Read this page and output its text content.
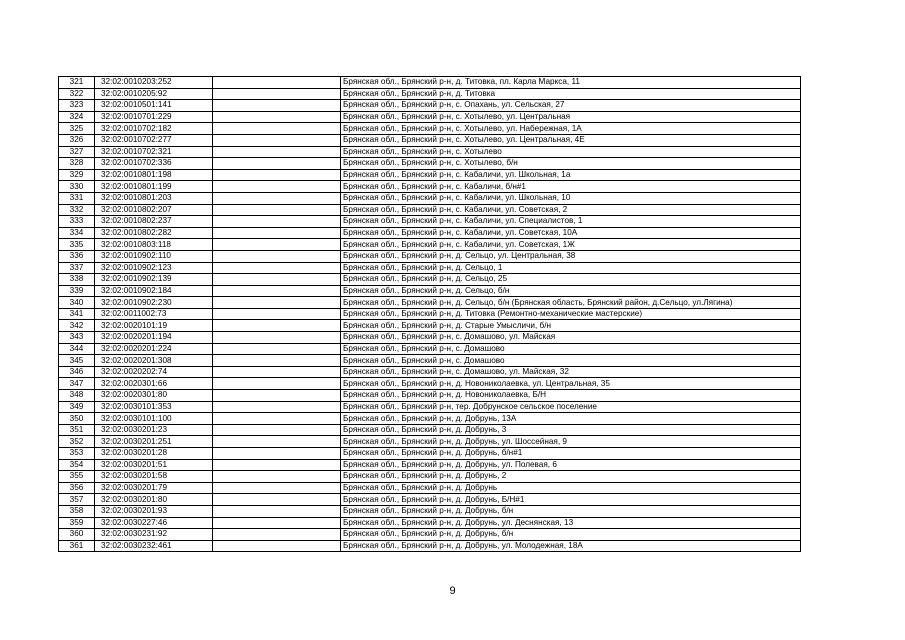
321	32:02:0010203:252		Брянская обл., Брянский р-н, д. Титовка, пл. Карла Маркса, 11
322	32:02:0010205:92		Брянская обл., Брянский р-н, д. Титовка
323	32:02:0010501:141		Брянская обл., Брянский р-н, с. Опахань, ул. Сельская, 27
324	32:02:0010701:229		Брянская обл., Брянский р-н, с. Хотылево, ул. Центральная
325	32:02:0010702:182		Брянская обл., Брянский р-н, с. Хотылево, ул. Набережная, 1А
326	32:02:0010702:277		Брянская обл., Брянский р-н, с. Хотылево, ул. Центральная, 4Е
327	32:02:0010702:321		Брянская обл., Брянский р-н, с. Хотылево
328	32:02:0010702:336		Брянская обл., Брянский р-н, с. Хотылево, б/н
329	32:02:0010801:198		Брянская обл., Брянский р-н, с. Кабаличи, ул. Школьная, 1а
330	32:02:0010801:199		Брянская обл., Брянский р-н, с. Кабаличи, б/н#1
331	32:02:0010801:203		Брянская обл., Брянский р-н, с. Кабаличи, ул. Школьная, 10
332	32:02:0010802:207		Брянская обл., Брянский р-н, с. Кабаличи, ул. Советская, 2
333	32:02:0010802:237		Брянская обл., Брянский р-н, с. Кабаличи, ул. Специалистов, 1
334	32:02:0010802:282		Брянская обл., Брянский р-н, с. Кабаличи, ул. Советская, 10А
335	32:02:0010803:118		Брянская обл., Брянский р-н, с. Кабаличи, ул. Советская, 1Ж
336	32:02:0010902:110		Брянская обл., Брянский р-н, д. Сельцо, ул. Центральная, 38
337	32:02:0010902:123		Брянская обл., Брянский р-н, д. Сельцо, 1
338	32:02:0010902:139		Брянская обл., Брянский р-н, д. Сельцо, 25
339	32:02:0010902:184		Брянская обл., Брянский р-н, д. Сельцо, б/н
340	32:02:0010902:230		Брянская обл., Брянский р-н, д. Сельцо, б/н (Брянская область, Брянский район, д.Сельцо, ул.Лягина)
341	32:02:0011002:73		Брянская обл., Брянский р-н, д. Титовка (Ремонтно-механические мастерские)
342	32:02:0020101:19		Брянская обл., Брянский р-н, д. Старые Умысличи, б/н
343	32:02:0020201:194		Брянская обл., Брянский р-н, с. Домашово, ул. Майская
344	32:02:0020201:224		Брянская обл., Брянский р-н, с. Домашово
345	32:02:0020201:308		Брянская обл., Брянский р-н, с. Домашово
346	32:02:0020202:74		Брянская обл., Брянский р-н, с. Домашово, ул. Майская, 32
347	32:02:0020301:66		Брянская обл., Брянский р-н, д. Новониколаевка, ул. Центральная, 35
348	32:02:0020301:80		Брянская обл., Брянский р-н, д. Новониколаевка, Б/Н
349	32:02:0030101:353		Брянская обл., Брянский р-н, тер. Добрунское сельское поселение
350	32:02:0030101:100		Брянская обл., Брянский р-н, д. Добрунь, 13А
351	32:02:0030201:23		Брянская обл., Брянский р-н, д. Добрунь, 3
352	32:02:0030201:251		Брянская обл., Брянский р-н, д. Добрунь, ул. Шоссейная, 9
353	32:02:0030201:28		Брянская обл., Брянский р-н, д. Добрунь, б/н#1
354	32:02:0030201:51		Брянская обл., Брянский р-н, д. Добрунь, ул. Полевая, 6
355	32:02:0030201:58		Брянская обл., Брянский р-н, д. Добрунь, 2
356	32:02:0030201:79		Брянская обл., Брянский р-н, д. Добрунь
357	32:02:0030201:80		Брянская обл., Брянский р-н, д. Добрунь, Б/Н#1
358	32:02:0030201:93		Брянская обл., Брянский р-н, д. Добрунь, б/н
359	32:02:0030227:46		Брянская обл., Брянский р-н, д. Добрунь, ул. Деснянская, 13
360	32:02:0030231:92		Брянская обл., Брянский р-н, д. Добрунь, б/н
361	32:02:0030232:461		Брянская обл., Брянский р-н, д. Добрунь, ул. Молодежная, 18А
9
